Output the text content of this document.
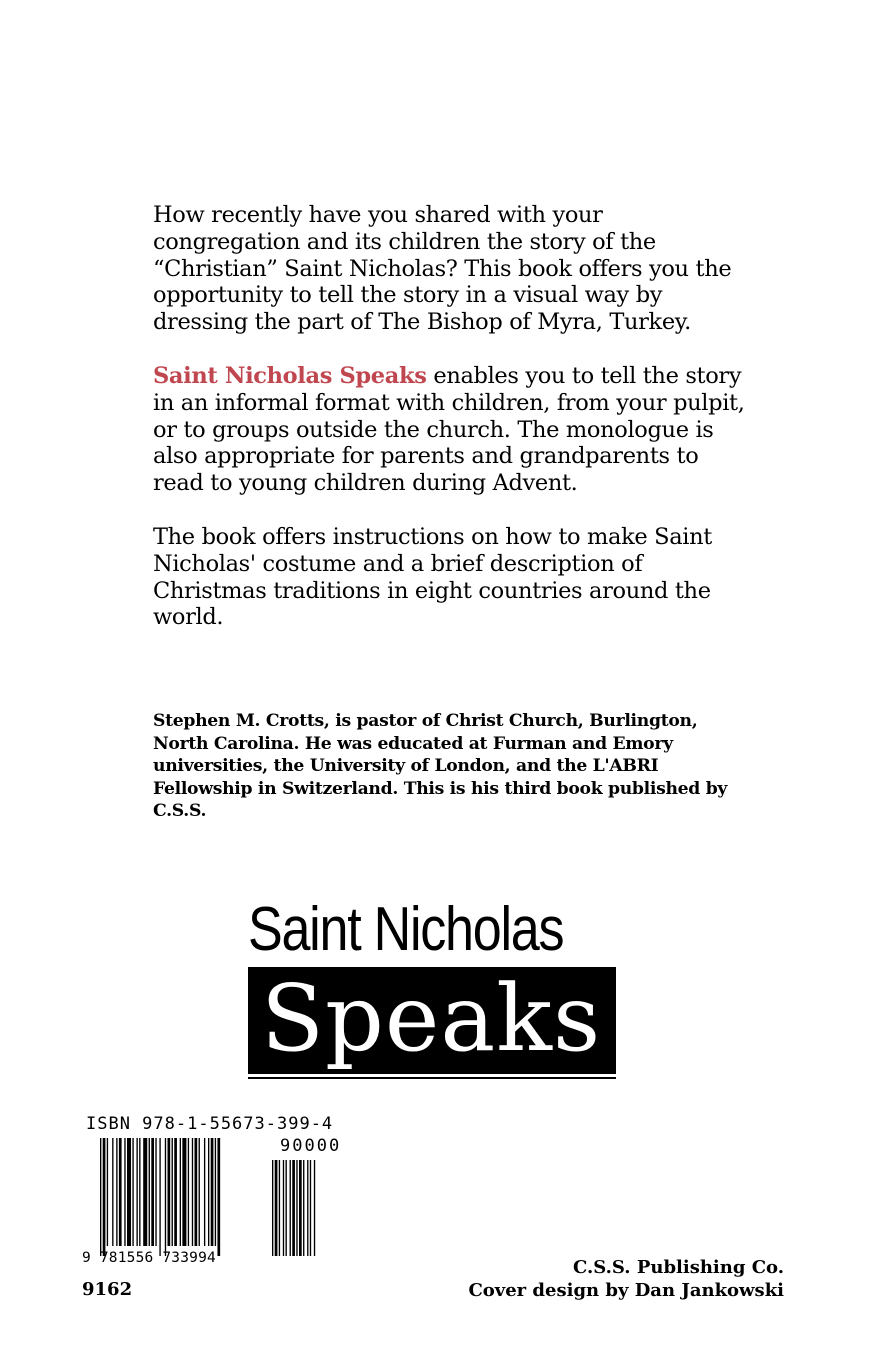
How recently have you shared with your congregation and its children the story of the “Christian” Saint Nicholas? This book offers you the opportunity to tell the story in a visual way by dressing the part of The Bishop of Myra, Turkey.

Saint Nicholas Speaks enables you to tell the story in an informal format with children, from your pulpit, or to groups outside the church. The monologue is also appropriate for parents and grandparents to read to young children during Advent.

The book offers instructions on how to make Saint Nicholas' costume and a brief description of Christmas traditions in eight countries around the world.

Stephen M. Crotts, is pastor of Christ Church, Burlington, North Carolina. He was educated at Furman and Emory universities, the University of London, and the L'ABRI Fellowship in Switzerland. This is his third book published by C.S.S.

Saint Nicholas
Speaks
ISBN 978-1-55673-399-4
90000
9 781556 733994
9162
C.S.S. Publishing Co.
Cover design by Dan Jankowski
